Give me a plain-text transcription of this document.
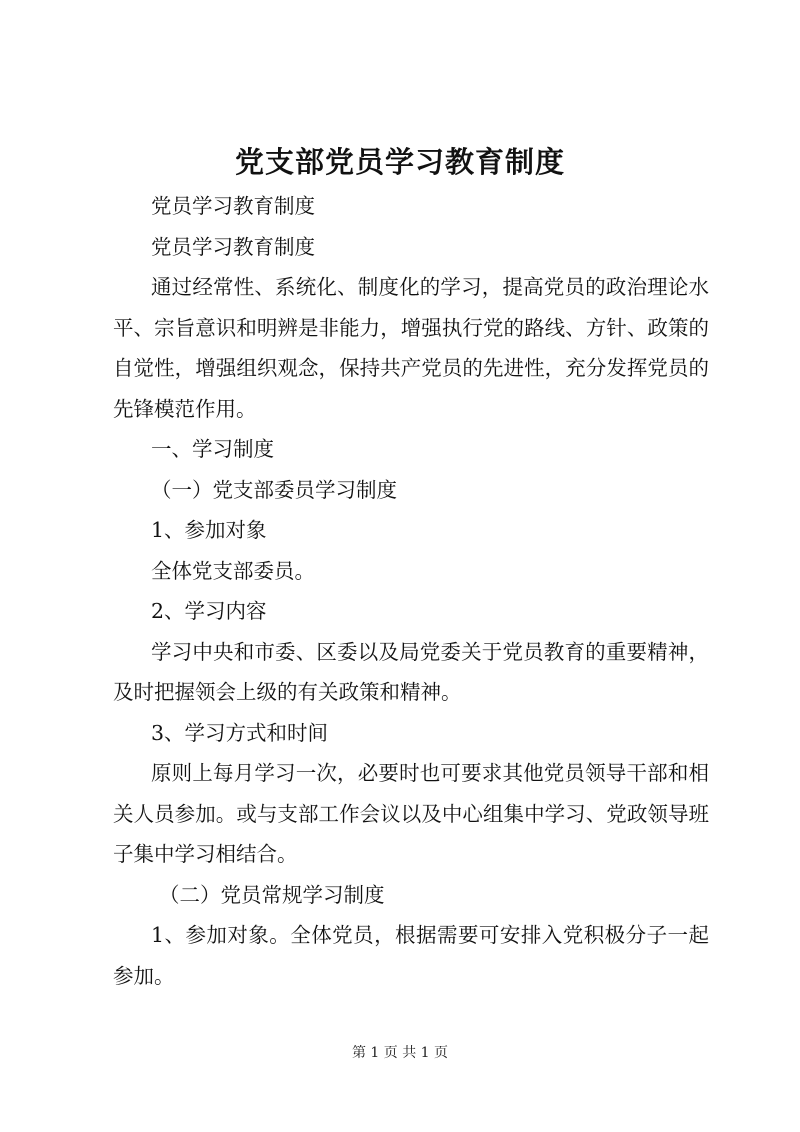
党支部党员学习教育制度

党员学习教育制度

党员学习教育制度

通过经常性、系统化、制度化的学习，提高党员的政治理论水平、宗旨意识和明辨是非能力，增强执行党的路线、方针、政策的自觉性，增强组织观念，保持共产党员的先进性，充分发挥党员的先锋模范作用。

一、学习制度

（一）党支部委员学习制度

1、参加对象

全体党支部委员。

2、学习内容

学习中央和市委、区委以及局党委关于党员教育的重要精神，及时把握领会上级的有关政策和精神。

3、学习方式和时间

原则上每月学习一次，必要时也可要求其他党员领导干部和相关人员参加。或与支部工作会议以及中心组集中学习、党政领导班子集中学习相结合。

（二）党员常规学习制度

1、参加对象。全体党员，根据需要可安排入党积极分子一起参加。

第 1 页 共 1 页
